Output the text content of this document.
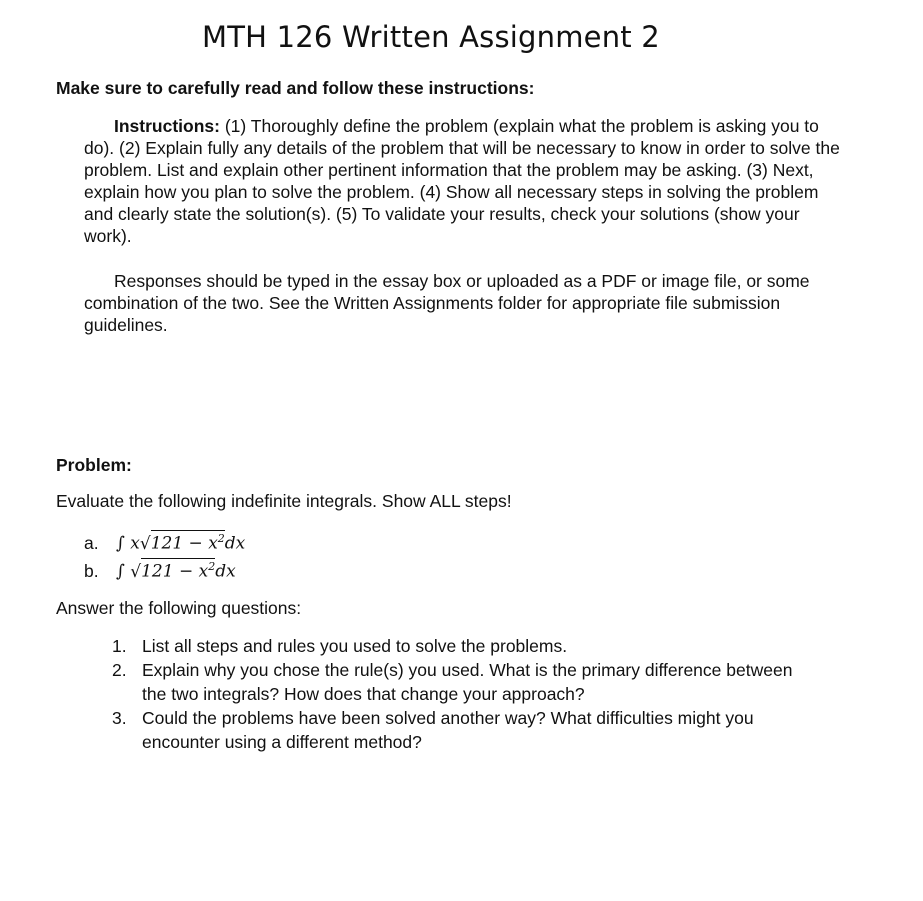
MTH 126 Written Assignment 2
Make sure to carefully read and follow these instructions:

Instructions: (1) Thoroughly define the problem (explain what the problem is asking you to do). (2) Explain fully any details of the problem that will be necessary to know in order to solve the problem. List and explain other pertinent information that the problem may be asking. (3) Next, explain how you plan to solve the problem. (4) Show all necessary steps in solving the problem and clearly state the solution(s). (5) To validate your results, check your solutions (show your work).

Responses should be typed in the essay box or uploaded as a PDF or image file, or some combination of the two. See the Written Assignments folder for appropriate file submission guidelines.

Problem:
Evaluate the following indefinite integrals. Show ALL steps!
a.	∫ x √ $121 - x^2$ dx
b.	∫ √ $121 - x^2$ dx
Answer the following questions:
1. List all steps and rules you used to solve the problems.
2. Explain why you chose the rule(s) you used. What is the primary difference between the two integrals? How does that change your approach?
3. Could the problems have been solved another way? What difficulties might you encounter using a different method?
